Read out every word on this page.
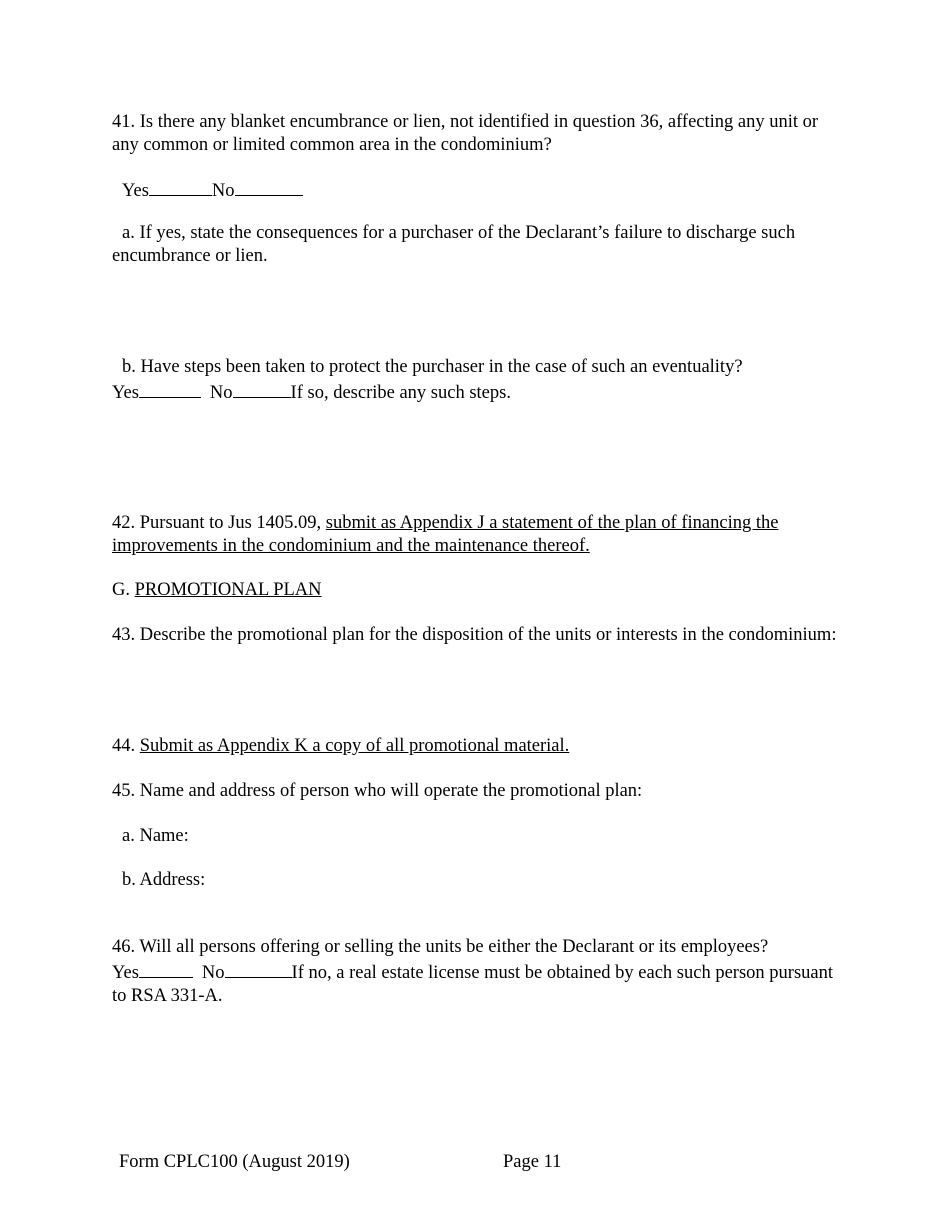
41. Is there any blanket encumbrance or lien, not identified in question 36, affecting any unit or any common or limited common area in the condominium?

Yes	No

a. If yes, state the consequences for a purchaser of the Declarant’s failure to discharge such encumbrance or lien.

b. Have steps been taken to protect the purchaser in the case of such an eventuality?
Yes	No	If so, describe any such steps.

42. Pursuant to Jus 1405.09, submit as Appendix J a statement of the plan of financing the improvements in the condominium and the maintenance thereof.

G. PROMOTIONAL PLAN

43. Describe the promotional plan for the disposition of the units or interests in the condominium:

44. Submit as Appendix K a copy of all promotional material.

45. Name and address of person who will operate the promotional plan:

a. Name:

b. Address:

46. Will all persons offering or selling the units be either the Declarant or its employees?
Yes	No	If no, a real estate license must be obtained by each such person pursuant to RSA 331-A.

Form CPLC100 (August 2019)	Page 11
